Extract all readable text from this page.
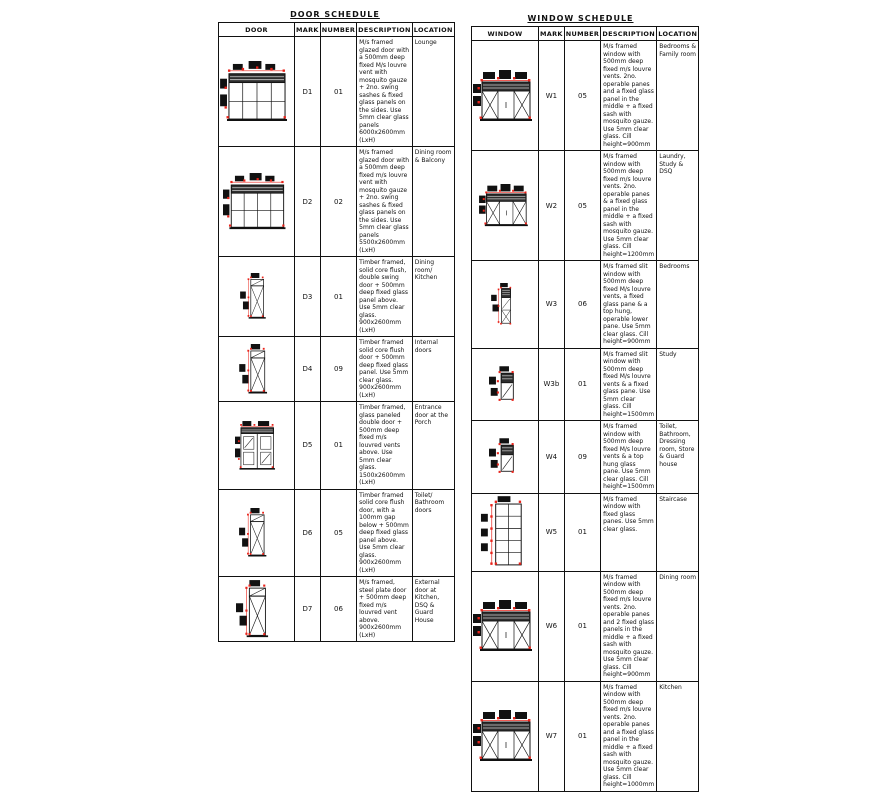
DOOR SCHEDULE
DOOR	MARK	NUMBER	DESCRIPTION	LOCATION
	D1	01	M/s framed glazed door with a 500mm deep fixed M/s louvre vent with mosquito gauze + 2no. swing sashes & fixed glass panels on the sides. Use 5mm clear glass panels 6000x2600mm (LxH)	Lounge
	D2	02	M/s framed glazed door with a 500mm deep fixed m/s louvre vent with mosquito gauze + 2no. swing sashes & fixed glass panels on the sides. Use 5mm clear glass panels 5500x2600mm (LxH)	Dining room & Balcony
	D3	01	Timber framed, solid core flush, double swing door + 500mm deep fixed glass panel above. Use 5mm clear glass. 900x2600mm (LxH)	Dining room/ Kitchen
	D4	09	Timber framed solid core flush door + 500mm deep fixed glass panel. Use 5mm clear glass. 900x2600mm (LxH)	Internal doors
	D5	01	Timber framed, glass paneled double door + 500mm deep fixed m/s louvred vents above. Use 5mm clear glass. 1500x2600mm (LxH)	Entrance door at the Porch
	D6	05	Timber framed solid core flush door, with a 100mm gap below + 500mm deep fixed glass panel above. Use 5mm clear glass. 900x2600mm (LxH)	Toilet/ Bathroom doors
	D7	06	M/s framed, steel plate door + 500mm deep fixed m/s louvred vent above. 900x2600mm (LxH)	External door at Kitchen, DSQ & Guard House
WINDOW SCHEDULE
WINDOW	MARK	NUMBER	DESCRIPTION	LOCATION
	W1	05	M/s framed window with 500mm deep fixed m/s louvre vents. 2no. operable panes and a fixed glass panel in the middle + a fixed sash with mosquito gauze. Use 5mm clear glass. Cill height=900mm	Bedrooms & Family room
	W2	05	M/s framed window with 500mm deep fixed m/s louvre vents. 2no. operable panes & a fixed glass panel in the middle + a fixed sash with mosquito gauze. Use 5mm clear glass. Cill height=1200mm	Laundry, Study & DSQ
	W3	06	M/s framed slit window with 500mm deep fixed M/s louvre vents, a fixed glass pane & a top hung, operable lower pane. Use 5mm clear glass. Cill height=900mm	Bedrooms
	W3b	01	M/s framed slit window with 500mm deep fixed M/s louvre vents & a fixed glass pane. Use 5mm clear glass. Cill height=1500mm	Study
	W4	09	M/s framed window with 500mm deep fixed M/s louvre vents & a top hung glass pane. Use 5mm clear glass. Cill height=1500mm	Toilet, Bathroom, Dressing room, Store & Guard house
	W5	01	M/s framed window with fixed glass panes. Use 5mm clear glass.	Staircase
	W6	01	M/s framed window with 500mm deep fixed m/s louvre vents. 2no. operable panes and 2 fixed glass panels in the middle + a fixed sash with mosquito gauze. Use 5mm clear glass. Cill height=900mm	Dining room
	W7	01	M/s framed window with 500mm deep fixed m/s louvre vents. 2no. operable panes and a fixed glass panel in the middle + a fixed sash with mosquito gauze. Use 5mm clear glass. Cill height=1000mm	Kitchen
